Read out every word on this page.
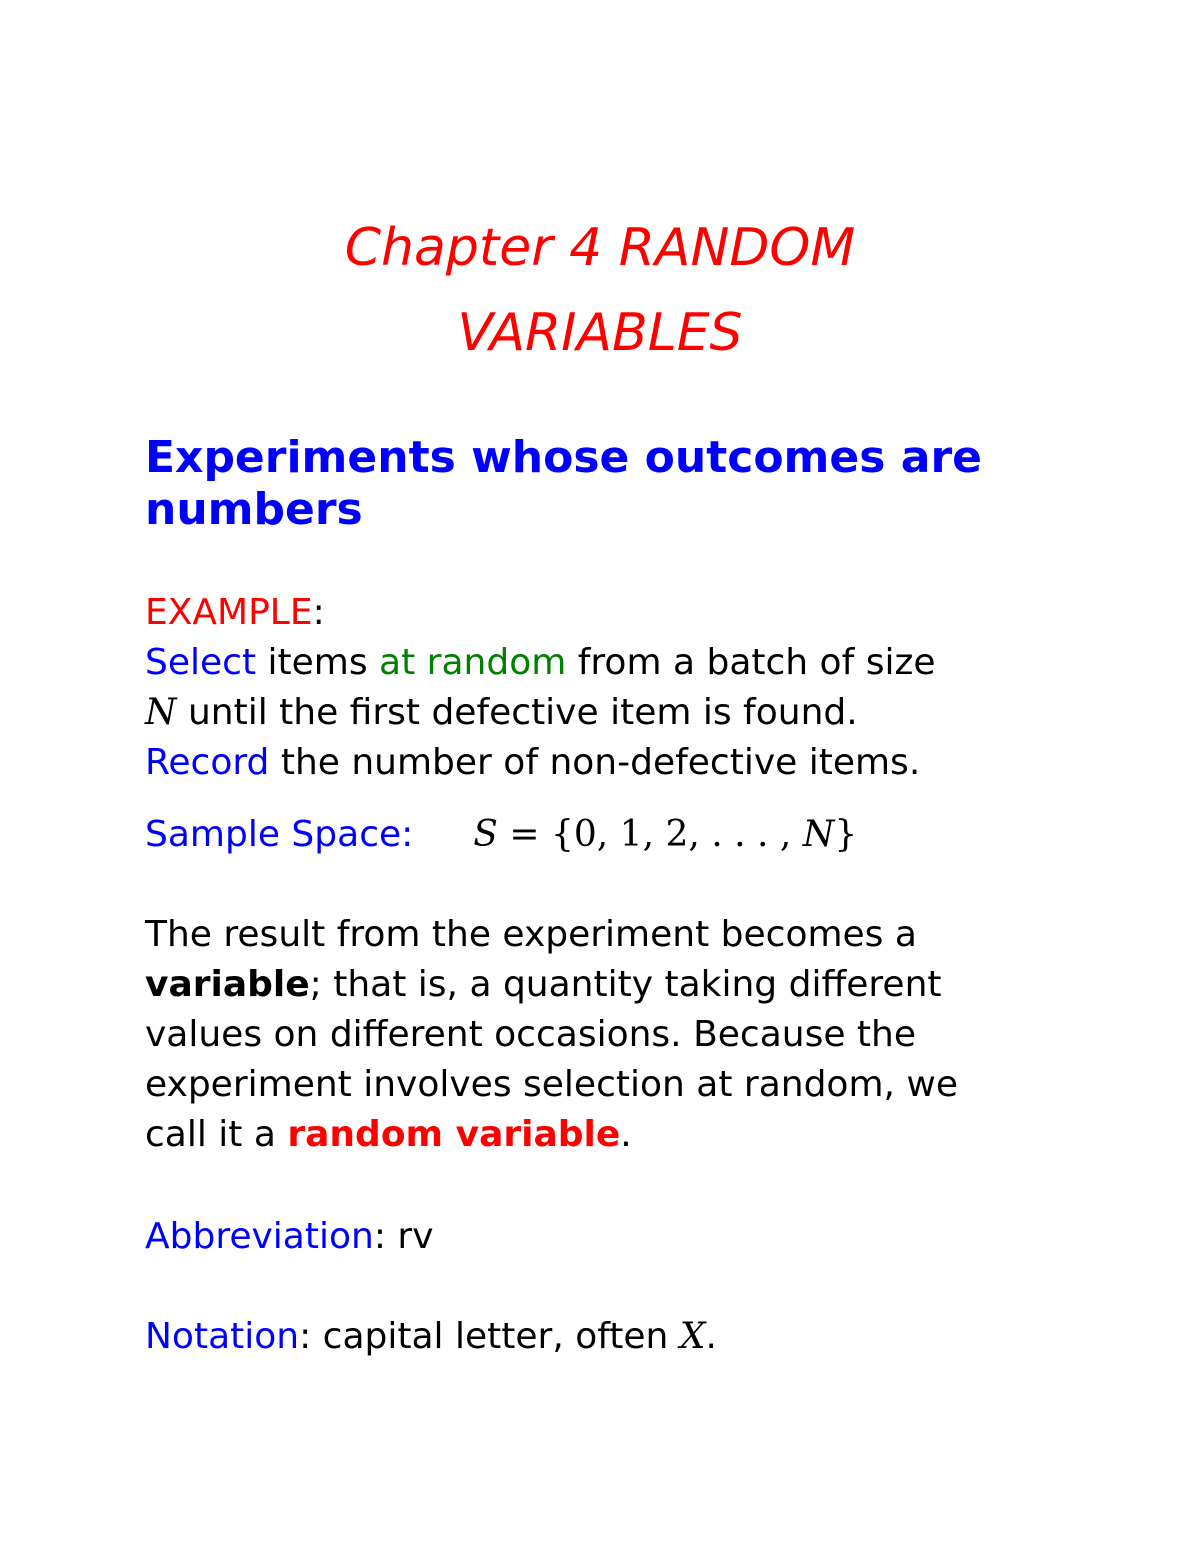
Chapter 4 RANDOM
VARIABLES
Experiments whose outcomes are
numbers
EXAMPLE:
Select items at random from a batch of size
N until the first defective item is found.
Record the number of non-defective items.
Sample Space: S = {0, 1, 2, . . . , N}
The result from the experiment becomes a
variable; that is, a quantity taking different
values on different occasions. Because the
experiment involves selection at random, we
call it a random variable.
Abbreviation: rv
Notation: capital letter, often X.
